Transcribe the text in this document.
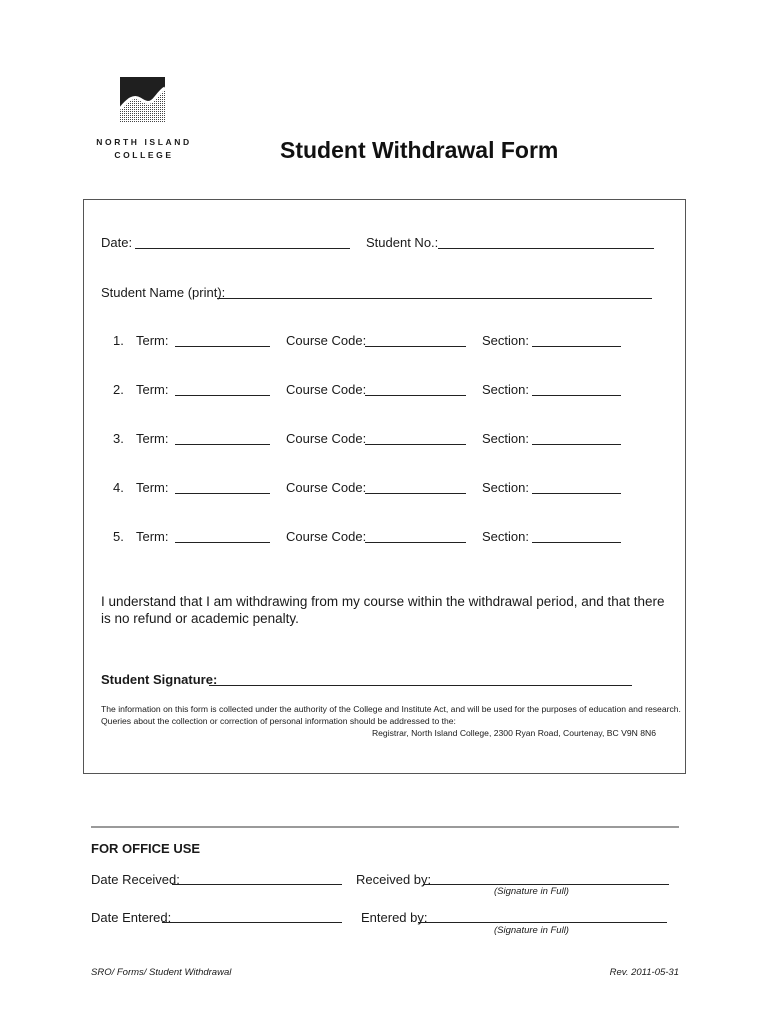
NORTH ISLAND
COLLEGE	Student Withdrawal Form
Date:	Student No.:
Student Name (print):
1. Term:	Course Code:	Section:
2. Term:	Course Code:	Section:
3. Term:	Course Code:	Section:
4. Term:	Course Code:	Section:
5. Term:	Course Code:	Section:
I understand that I am withdrawing from my course within the withdrawal period, and that there is no refund or academic penalty.
Student Signature:
The information on this form is collected under the authority of the College and Institute Act, and will be used for the purposes of education and research.
Queries about the collection or correction of personal information should be addressed to the:
Registrar, North Island College, 2300 Ryan Road, Courtenay, BC V9N 8N6
FOR OFFICE USE
Date Received:	Received by:
(Signature in Full)
Date Entered:	Entered by:
(Signature in Full)
SRO/ Forms/ Student Withdrawal	Rev. 2011-05-31
